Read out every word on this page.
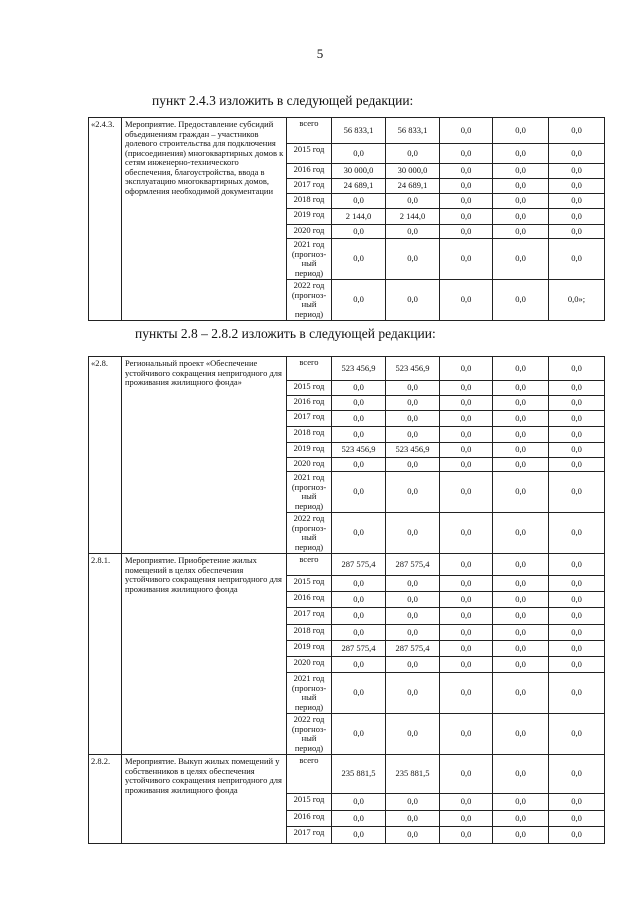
5
пункт 2.4.3 изложить в следующей редакции:
пункты 2.8 – 2.8.2 изложить в следующей редакции:
«2.4.3.	Мероприятие. Предоставление субсидий объединениям граждан – участников долевого строительства для подключения (присоединения) многоквартирных домов к сетям инженерно-технического обеспечения, благоустройства, ввода в эксплуатацию многоквартирных домов, оформления необходимой документации	всего	56 833,1	56 833,1	0,0	0,0	0,0
		2015 год	0,0	0,0	0,0	0,0	0,0
		2016 год	30 000,0	30 000,0	0,0	0,0	0,0
		2017 год	24 689,1	24 689,1	0,0	0,0	0,0
		2018 год	0,0	0,0	0,0	0,0	0,0
		2019 год	2 144,0	2 144,0	0,0	0,0	0,0
		2020 год	0,0	0,0	0,0	0,0	0,0
		2021 год (прогноз-ный период)	0,0	0,0	0,0	0,0	0,0
		2022 год (прогноз-ный период)	0,0	0,0	0,0	0,0	0,0»;
«2.8.	Региональный проект «Обеспечение устойчивого сокращения непригодного для проживания жилищного фонда»	всего	523 456,9	523 456,9	0,0	0,0	0,0
		2015 год	0,0	0,0	0,0	0,0	0,0
		2016 год	0,0	0,0	0,0	0,0	0,0
		2017 год	0,0	0,0	0,0	0,0	0,0
		2018 год	0,0	0,0	0,0	0,0	0,0
		2019 год	523 456,9	523 456,9	0,0	0,0	0,0
		2020 год	0,0	0,0	0,0	0,0	0,0
		2021 год (прогноз-ный период)	0,0	0,0	0,0	0,0	0,0
		2022 год (прогноз-ный период)	0,0	0,0	0,0	0,0	0,0
2.8.1.	Мероприятие. Приобретение жилых помещений в целях обеспечения устойчивого сокращения непригодного для проживания жилищного фонда	всего	287 575,4	287 575,4	0,0	0,0	0,0
		2015 год	0,0	0,0	0,0	0,0	0,0
		2016 год	0,0	0,0	0,0	0,0	0,0
		2017 год	0,0	0,0	0,0	0,0	0,0
		2018 год	0,0	0,0	0,0	0,0	0,0
		2019 год	287 575,4	287 575,4	0,0	0,0	0,0
		2020 год	0,0	0,0	0,0	0,0	0,0
		2021 год (прогноз-ный период)	0,0	0,0	0,0	0,0	0,0
		2022 год (прогноз-ный период)	0,0	0,0	0,0	0,0	0,0
2.8.2.	Мероприятие. Выкуп жилых помещений у собственников в целях обеспечения устойчивого сокращения непригодного для проживания жилищного фонда	всего	235 881,5	235 881,5	0,0	0,0	0,0
		2015 год	0,0	0,0	0,0	0,0	0,0
		2016 год	0,0	0,0	0,0	0,0	0,0
		2017 год	0,0	0,0	0,0	0,0	0,0
